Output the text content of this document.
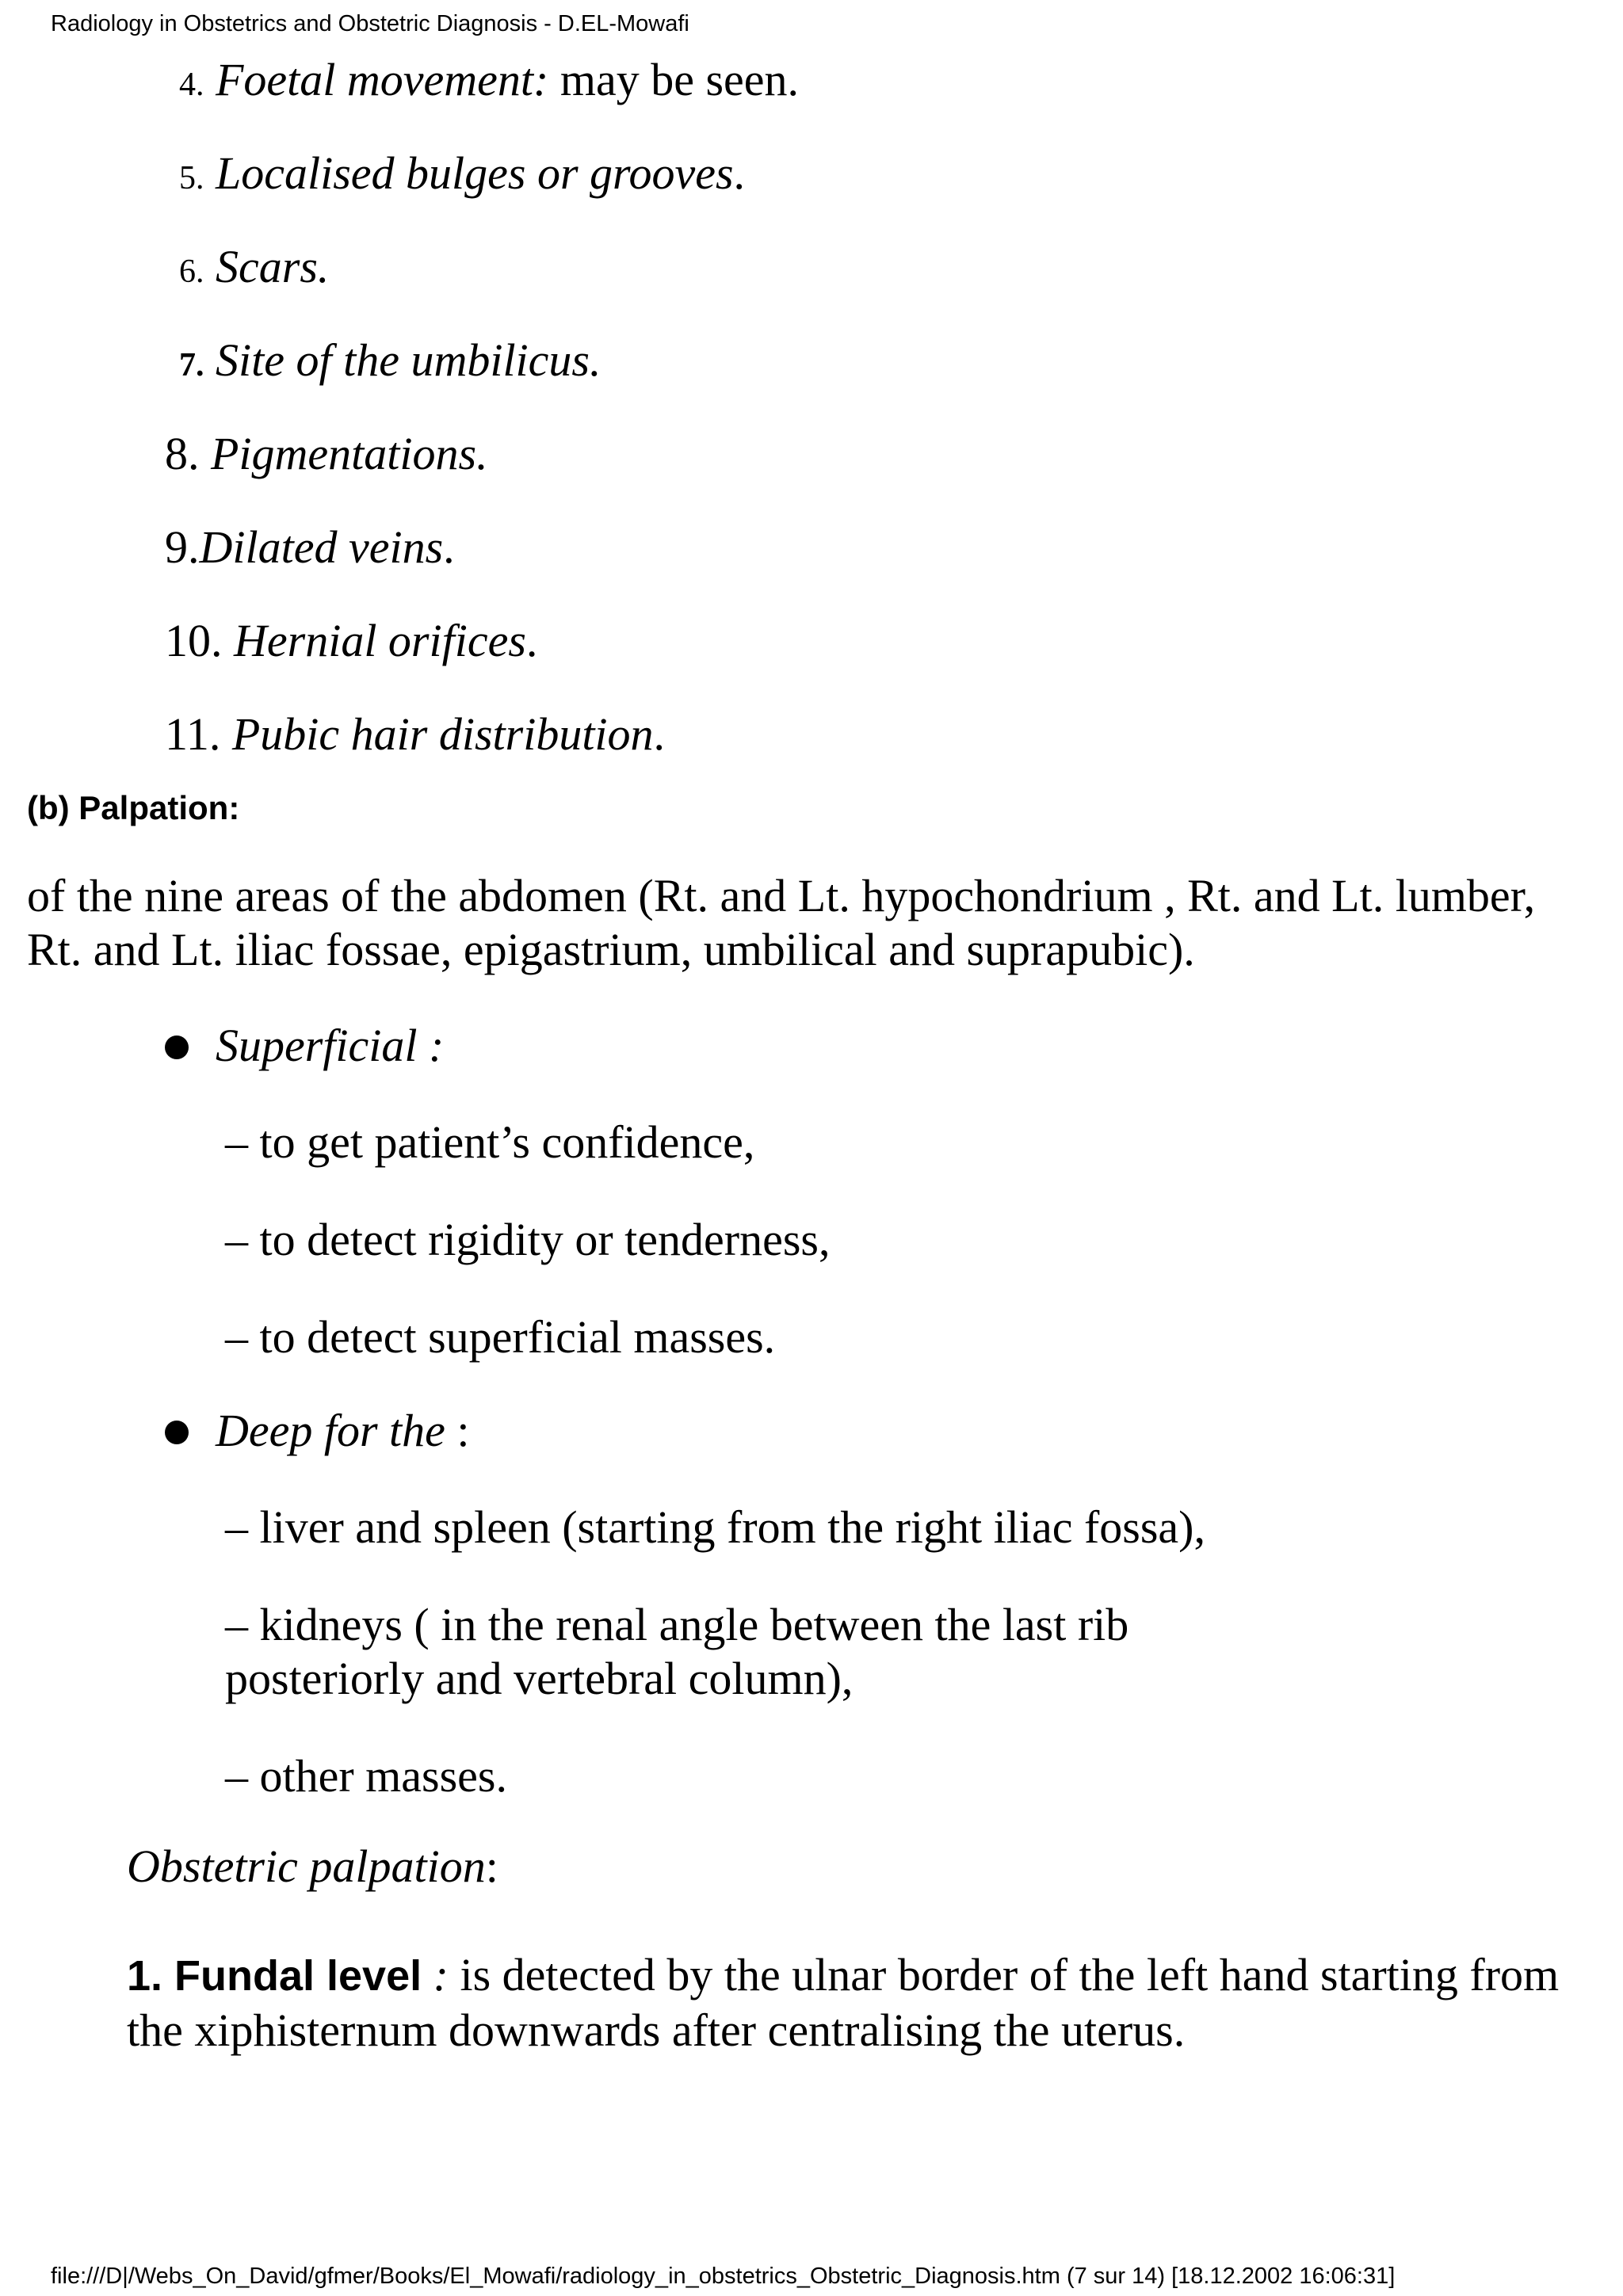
Radiology in Obstetrics and Obstetric Diagnosis - D.EL-Mowafi
4. Foetal movement: may be seen.
5. Localised bulges or grooves.
6. Scars.
7. Site of the umbilicus.
8. Pigmentations.
9.Dilated veins.
10. Hernial orifices.
11. Pubic hair distribution.
(b) Palpation:
of the nine areas of the abdomen (Rt. and Lt. hypochondrium , Rt. and Lt. lumber, Rt. and Lt. iliac fossae, epigastrium, umbilical and suprapubic).
Superficial :
– to get patient’s confidence,
– to detect rigidity or tenderness,
– to detect superficial masses.
Deep for the :
– liver and spleen (starting from the right iliac fossa),
– kidneys ( in the renal angle between the last rib posteriorly and vertebral column),
– other masses.
Obstetric palpation:
1. Fundal level : is detected by the ulnar border of the left hand starting from the xiphisternum downwards after centralising the uterus.
file:///D|/Webs_On_David/gfmer/Books/El_Mowafi/radiology_in_obstetrics_Obstetric_Diagnosis.htm (7 sur 14) [18.12.2002 16:06:31]
